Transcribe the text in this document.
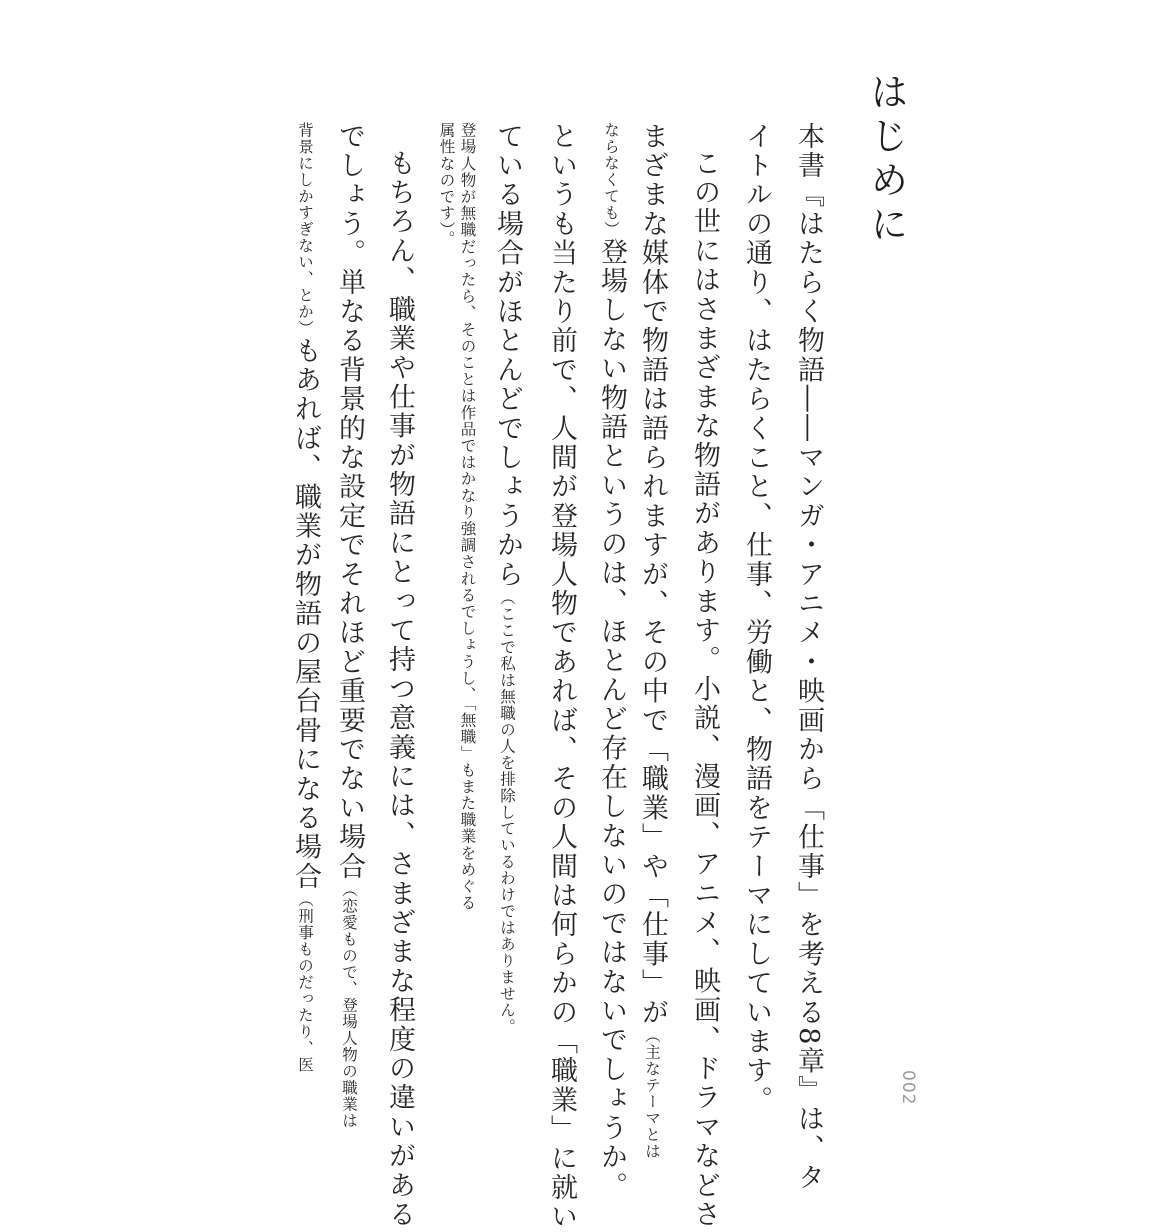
はじめに
本書『はたらく物語――マンガ・アニメ・映画から「仕事」を考える8章』は、タ
イトルの通り、はたらくこと、仕事、労働と、物語をテーマにしています。
この世にはさまざまな物語があります。小説、漫画、アニメ、映画、ドラマなどさ
まざまな媒体で物語は語られますが、その中で「職業」や「仕事」が（主なテーマとは
ならなくても）登場しない物語というのは、ほとんど存在しないのではないでしょうか。
というも当たり前で、人間が登場人物であれば、その人間は何らかの「職業」に就い
ている場合がほとんどでしょうから（ここで私は無職の人を排除しているわけではありません。
登場人物が無職だったら、そのことは作品ではかなり強調されるでしょうし、「無職」もまた職業をめぐる
属性なのです）。
もちろん、職業や仕事が物語にとって持つ意義には、さまざまな程度の違いがある
でしょう。単なる背景的な設定でそれほど重要でない場合（恋愛もので、登場人物の職業は
背景にしかすぎない、とか）もあれば、職業が物語の屋台骨になる場合（刑事ものだったり、医
002
